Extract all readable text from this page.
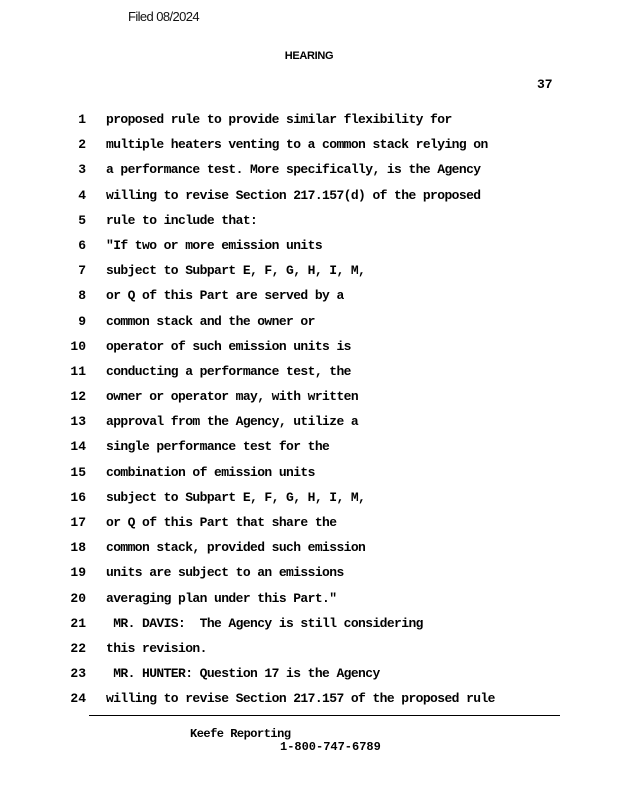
Filed 08/2024
HEARING
37
1 proposed rule to provide similar flexibility for
2 multiple heaters venting to a common stack relying on
3 a performance test. More specifically, is the Agency
4 willing to revise Section 217.157(d) of the proposed
5 rule to include that:
6 "If two or more emission units
7 subject to Subpart E, F, G, H, I, M,
8 or Q of this Part are served by a
9 common stack and the owner or
10 operator of such emission units is
11 conducting a performance test, the
12 owner or operator may, with written
13 approval from the Agency, utilize a
14 single performance test for the
15 combination of emission units
16 subject to Subpart E, F, G, H, I, M,
17 or Q of this Part that share the
18 common stack, provided such emission
19 units are subject to an emissions
20 averaging plan under this Part."
21 MR. DAVIS:  The Agency is still considering
22 this revision.
23 MR. HUNTER: Question 17 is the Agency
24 willing to revise Section 217.157 of the proposed rule
Keefe Reporting
1-800-747-6789
